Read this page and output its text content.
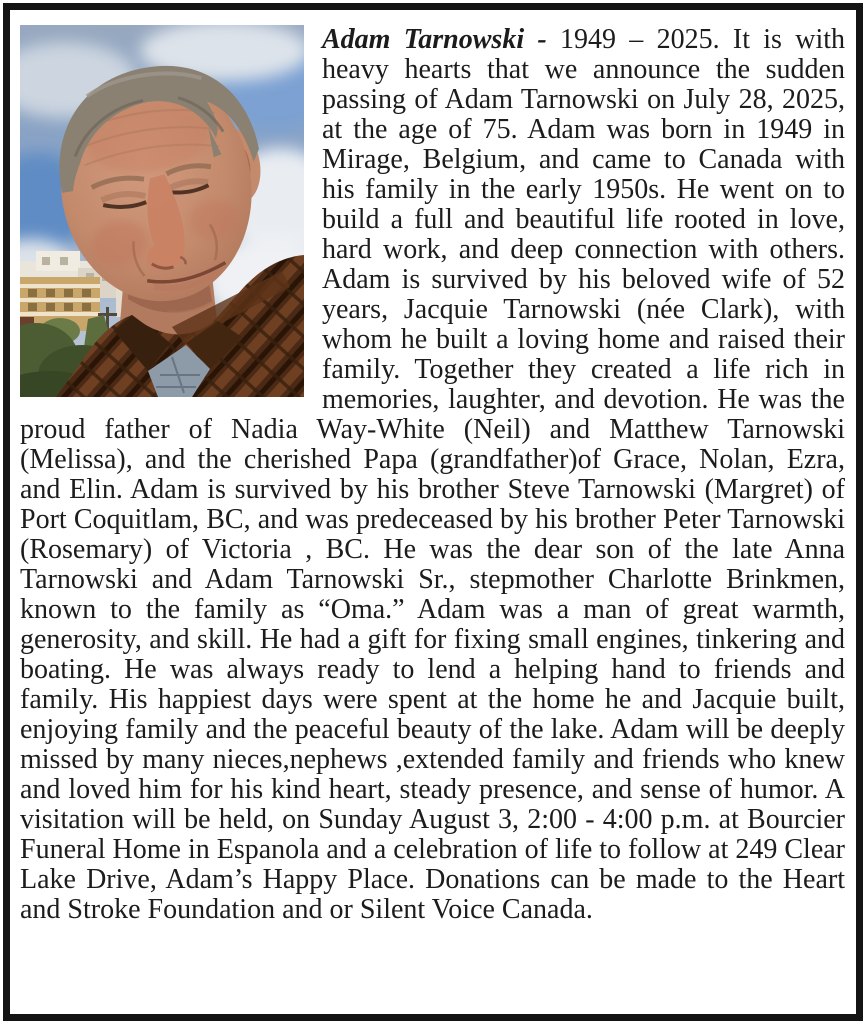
Adam Tarnowski - 1949 – 2025. It is with heavy hearts that we announce the sudden passing of Adam Tarnowski on July 28, 2025, at the age of 75. Adam was born in 1949 in Mirage, Belgium, and came to Canada with his family in the early 1950s. He went on to build a full and beautiful life rooted in love, hard work, and deep connection with others. Adam is survived by his beloved wife of 52 years, Jacquie Tarnowski (née Clark), with whom he built a loving home and raised their family. Together they created a life rich in memories, laughter, and devotion. He was the proud father of Nadia Way-White (Neil) and Matthew Tarnowski (Melissa), and the cherished Papa (grandfather)of Grace, Nolan, Ezra, and Elin. Adam is survived by his brother Steve Tarnowski (Margret) of Port Coquitlam, BC, and was predeceased by his brother Peter Tarnowski (Rosemary) of Victoria , BC. He was the dear son of the late Anna Tarnowski and Adam Tarnowski Sr., stepmother Charlotte Brinkmen, known to the family as “Oma.” Adam was a man of great warmth, generosity, and skill. He had a gift for fixing small engines, tinkering and boating. He was always ready to lend a helping hand to friends and family. His happiest days were spent at the home he and Jacquie built, enjoying family and the peaceful beauty of the lake. Adam will be deeply missed by many nieces,nephews ,extended family and friends who knew and loved him for his kind heart, steady presence, and sense of humor. A visitation will be held, on Sunday August 3, 2:00 - 4:00 p.m. at Bourcier Funeral Home in Espanola and a celebration of life to follow at 249 Clear Lake Drive, Adam’s Happy Place. Donations can be made to the Heart and Stroke Foundation and or Silent Voice Canada.
